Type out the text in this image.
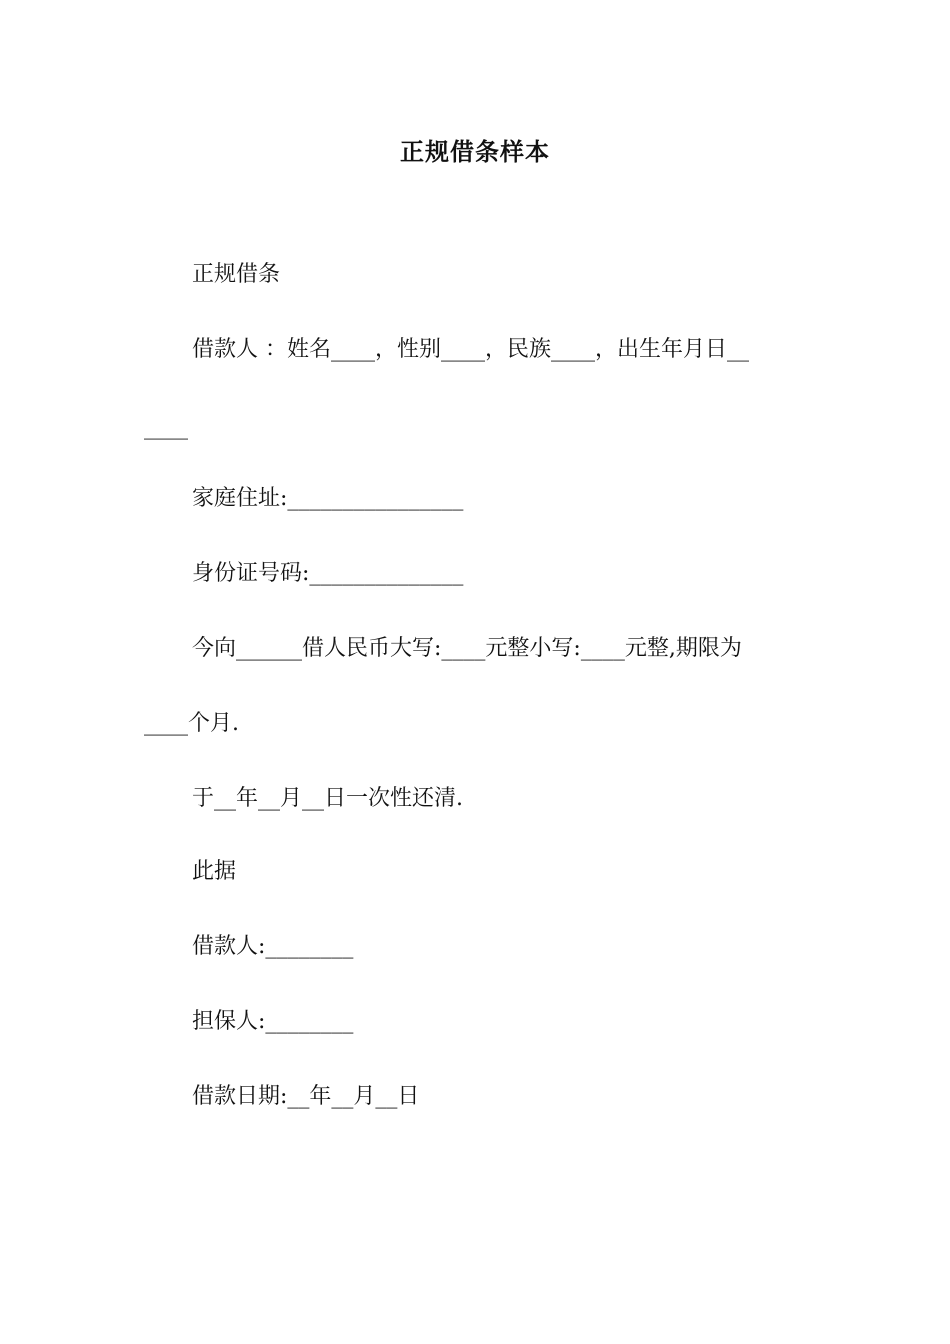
正规借条样本
正规借条
借款人 ：姓名____，性别____，民族____，出生年月日__
____
家庭住址:________________
身份证号码:______________
今向______借人民币大写:____元整小写:____元整,期限为
____个月.
于__年__月__日一次性还清.
此据
借款人:________
担保人:________
借款日期:__年__月__日
